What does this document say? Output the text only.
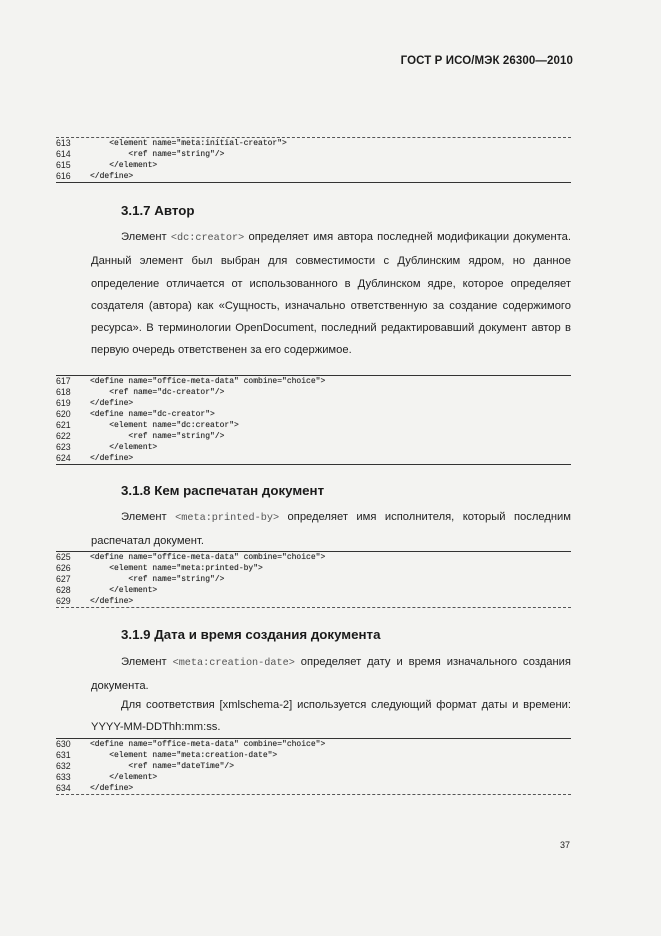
ГОСТ Р ИСО/МЭК 26300—2010
613	<element name="meta:initial-creator">
614	<ref name="string"/>
615	</element>
616	</define>
3.1.7 Автор

Элемент <dc:creator> определяет имя автора последней модификации документа. Данный элемент был выбран для совместимости с Дублинским ядром, но данное определение отличается от использованного в Дублинском ядре, которое определяет создателя (автора) как «Сущность, изначально ответственную за создание содержимого ресурса». В терминологии OpenDocument, последний редактировавший документ автор в первую очередь ответственен за его содержимое.

617	<define name="office-meta-data" combine="choice">
618	<ref name="dc-creator"/>
619	</define>
620	<define name="dc-creator">
621	<element name="dc:creator">
622	<ref name="string"/>
623	</element>
624	</define>
3.1.8 Кем распечатан документ

Элемент <meta:printed-by> определяет имя исполнителя, который последним распечатал документ.

625	<define name="office-meta-data" combine="choice">
626	<element name="meta:printed-by">
627	<ref name="string"/>
628	</element>
629	</define>
3.1.9 Дата и время создания документа

Элемент <meta:creation-date> определяет дату и время изначального создания документа.

Для соответствия [xmlschema-2] используется следующий формат даты и времени: YYYY-MM-DDThh:mm:ss.

630	<define name="office-meta-data" combine="choice">
631	<element name="meta:creation-date">
632	<ref name="dateTime"/>
633	</element>
634	</define>
37
